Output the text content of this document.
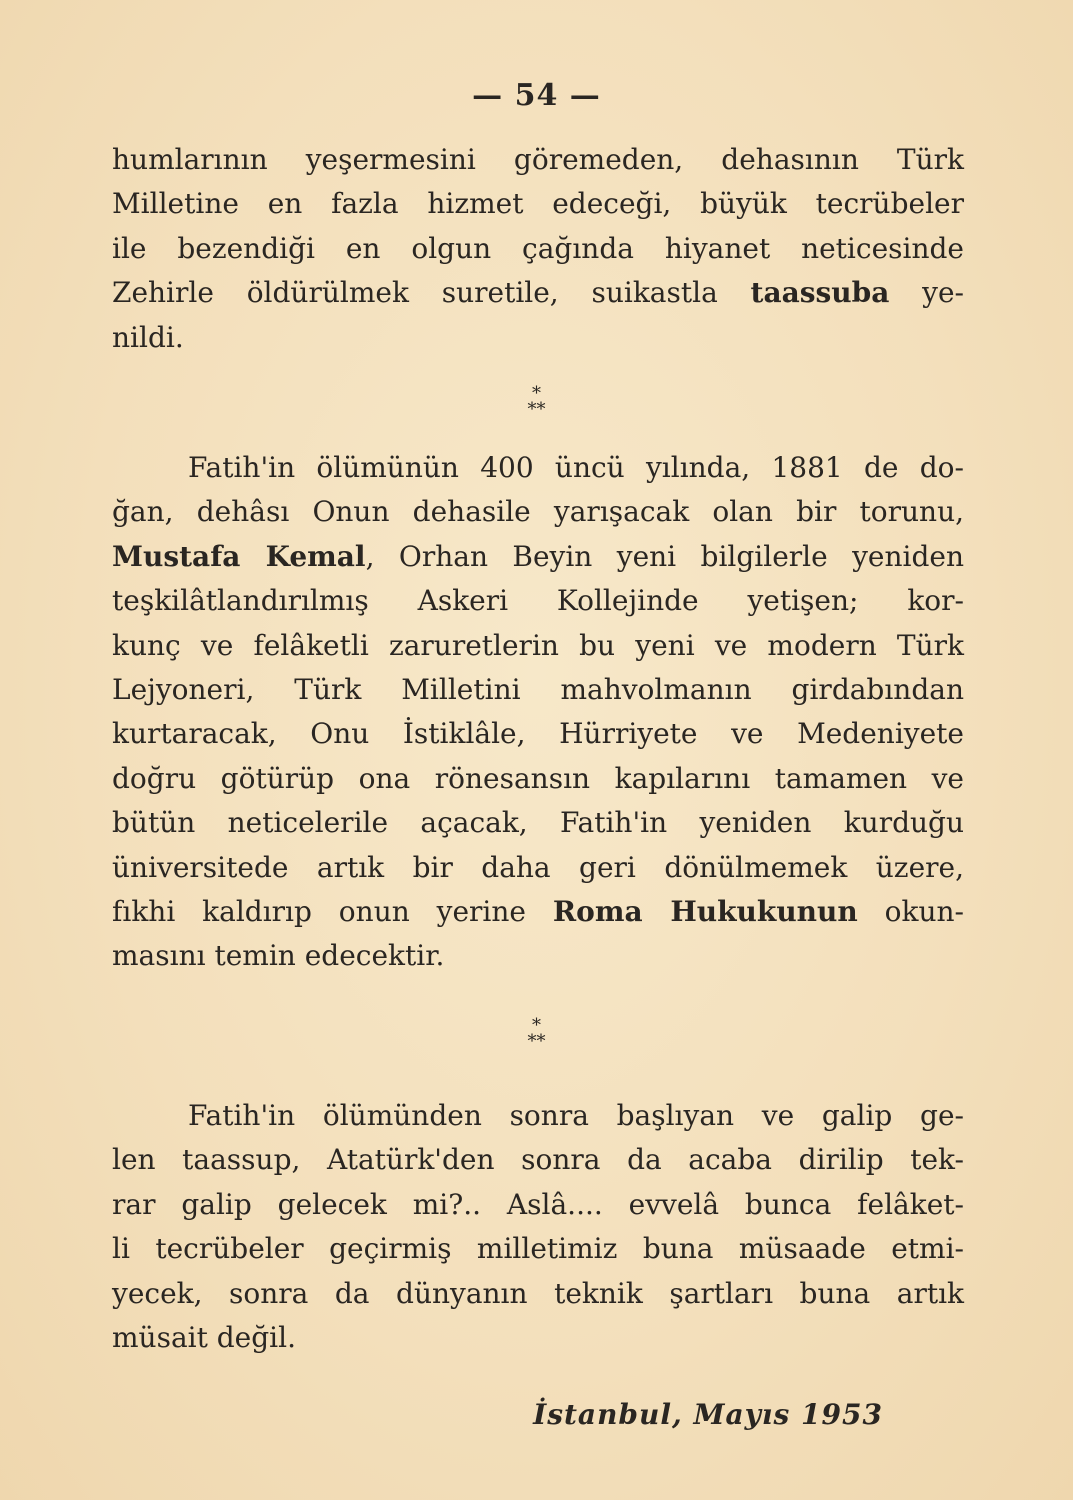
— 54 —
humlarının yeşermesini göremeden, dehasının Türk
Milletine en fazla hizmet edeceği, büyük tecrübeler
ile bezendiği en olgun çağında hiyanet neticesinde
Zehirle öldürülmek suretile, suikastla taassuba ye-
nildi.
*
**
Fatih'in ölümünün 400 üncü yılında, 1881 de do-
ğan, dehâsı Onun dehasile yarışacak olan bir torunu,
Mustafa Kemal, Orhan Beyin yeni bilgilerle yeniden
teşkilâtlandırılmış Askeri Kollejinde yetişen; kor-
kunç ve felâketli zaruretlerin bu yeni ve modern Türk
Lejyoneri, Türk Milletini mahvolmanın girdabından
kurtaracak, Onu İstiklâle, Hürriyete ve Medeniyete
doğru götürüp ona rönesansın kapılarını tamamen ve
bütün neticelerile açacak, Fatih'in yeniden kurduğu
üniversitede artık bir daha geri dönülmemek üzere,
fıkhi kaldırıp onun yerine Roma Hukukunun okun-
masını temin edecektir.
*
**
Fatih'in ölümünden sonra başlıyan ve galip ge-
len taassup, Atatürk'den sonra da acaba dirilip tek-
rar galip gelecek mi?.. Aslâ.... evvelâ bunca felâket-
li tecrübeler geçirmiş milletimiz buna müsaade etmi-
yecek, sonra da dünyanın teknik şartları buna artık
müsait değil.
İstanbul, Mayıs 1953
